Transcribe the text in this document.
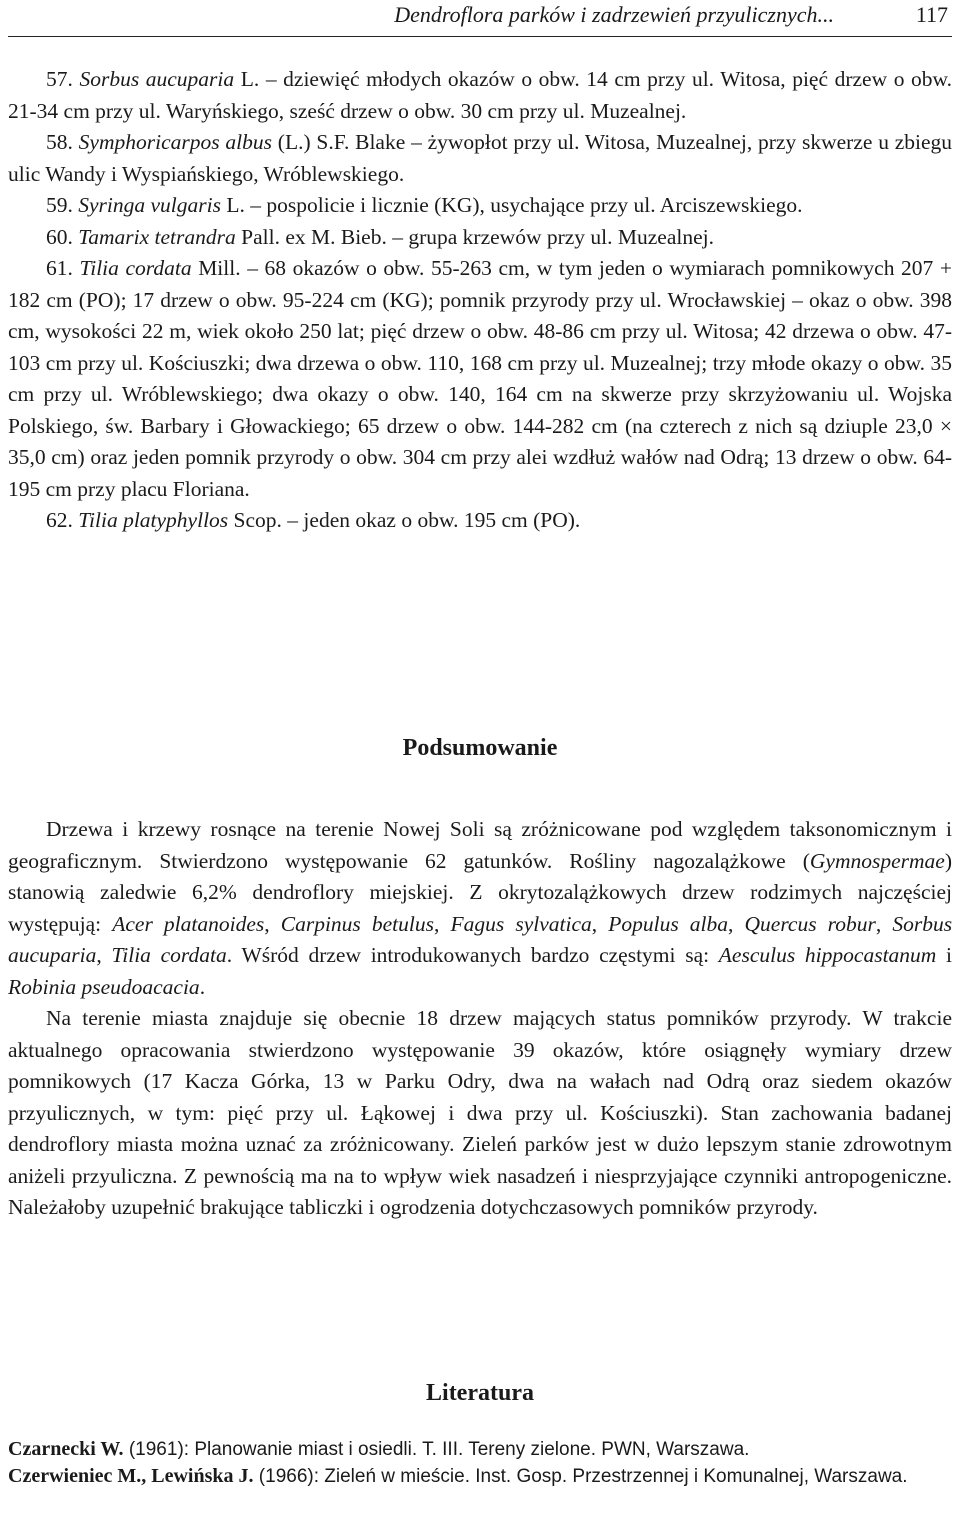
Dendroflora parków i zadrzewień przyulicznych...	117

57. Sorbus aucuparia L. – dziewięć młodych okazów o obw. 14 cm przy ul. Witosa, pięć drzew o obw. 21-34 cm przy ul. Waryńskiego, sześć drzew o obw. 30 cm przy ul. Muzealnej.

58. Symphoricarpos albus (L.) S.F. Blake – żywopłot przy ul. Witosa, Muzealnej, przy skwerze u zbiegu ulic Wandy i Wyspiańskiego, Wróblewskiego.

59. Syringa vulgaris L. – pospolicie i licznie (KG), usychające przy ul. Arciszewskiego.

60. Tamarix tetrandra Pall. ex M. Bieb. – grupa krzewów przy ul. Muzealnej.

61. Tilia cordata Mill. – 68 okazów o obw. 55-263 cm, w tym jeden o wymiarach pomnikowych 207 + 182 cm (PO); 17 drzew o obw. 95-224 cm (KG); pomnik przyrody przy ul. Wrocławskiej – okaz o obw. 398 cm, wysokości 22 m, wiek około 250 lat; pięć drzew o obw. 48-86 cm przy ul. Witosa; 42 drzewa o obw. 47-103 cm przy ul. Kościuszki; dwa drzewa o obw. 110, 168 cm przy ul. Muzealnej; trzy młode okazy o obw. 35 cm przy ul. Wróblewskiego; dwa okazy o obw. 140, 164 cm na skwerze przy skrzyżowaniu ul. Wojska Polskiego, św. Barbary i Głowackiego; 65 drzew o obw. 144-282 cm (na czterech z nich są dziuple 23,0 × 35,0 cm) oraz jeden pomnik przyrody o obw. 304 cm przy alei wzdłuż wałów nad Odrą; 13 drzew o obw. 64-195 cm przy placu Floriana.

62. Tilia platyphyllos Scop. – jeden okaz o obw. 195 cm (PO).

Podsumowanie

Drzewa i krzewy rosnące na terenie Nowej Soli są zróżnicowane pod względem taksonomicznym i geograficznym. Stwierdzono występowanie 62 gatunków. Rośliny nagozalążkowe (Gymnospermae) stanowią zaledwie 6,2% dendroflory miejskiej. Z okrytozalążkowych drzew rodzimych najczęściej występują: Acer platanoides, Carpinus betulus, Fagus sylvatica, Populus alba, Quercus robur, Sorbus aucuparia, Tilia cordata. Wśród drzew introdukowanych bardzo częstymi są: Aesculus hippocastanum i Robinia pseudoacacia.

Na terenie miasta znajduje się obecnie 18 drzew mających status pomników przyrody. W trakcie aktualnego opracowania stwierdzono występowanie 39 okazów, które osiągnęły wymiary drzew pomnikowych (17 Kacza Górka, 13 w Parku Odry, dwa na wałach nad Odrą oraz siedem okazów przyulicznych, w tym: pięć przy ul. Łąkowej i dwa przy ul. Kościuszki). Stan zachowania badanej dendroflory miasta można uznać za zróżnicowany. Zieleń parków jest w dużo lepszym stanie zdrowotnym aniżeli przyuliczna. Z pewnością ma na to wpływ wiek nasadzeń i niesprzyjające czynniki antropogeniczne. Należałoby uzupełnić brakujące tabliczki i ogrodzenia dotychczasowych pomników przyrody.

Literatura

Czarnecki W. (1961): Planowanie miast i osiedli. T. III. Tereny zielone. PWN, Warszawa.

Czerwieniec M., Lewińska J. (1966): Zieleń w mieście. Inst. Gosp. Przestrzennej i Komunalnej, Warszawa.
